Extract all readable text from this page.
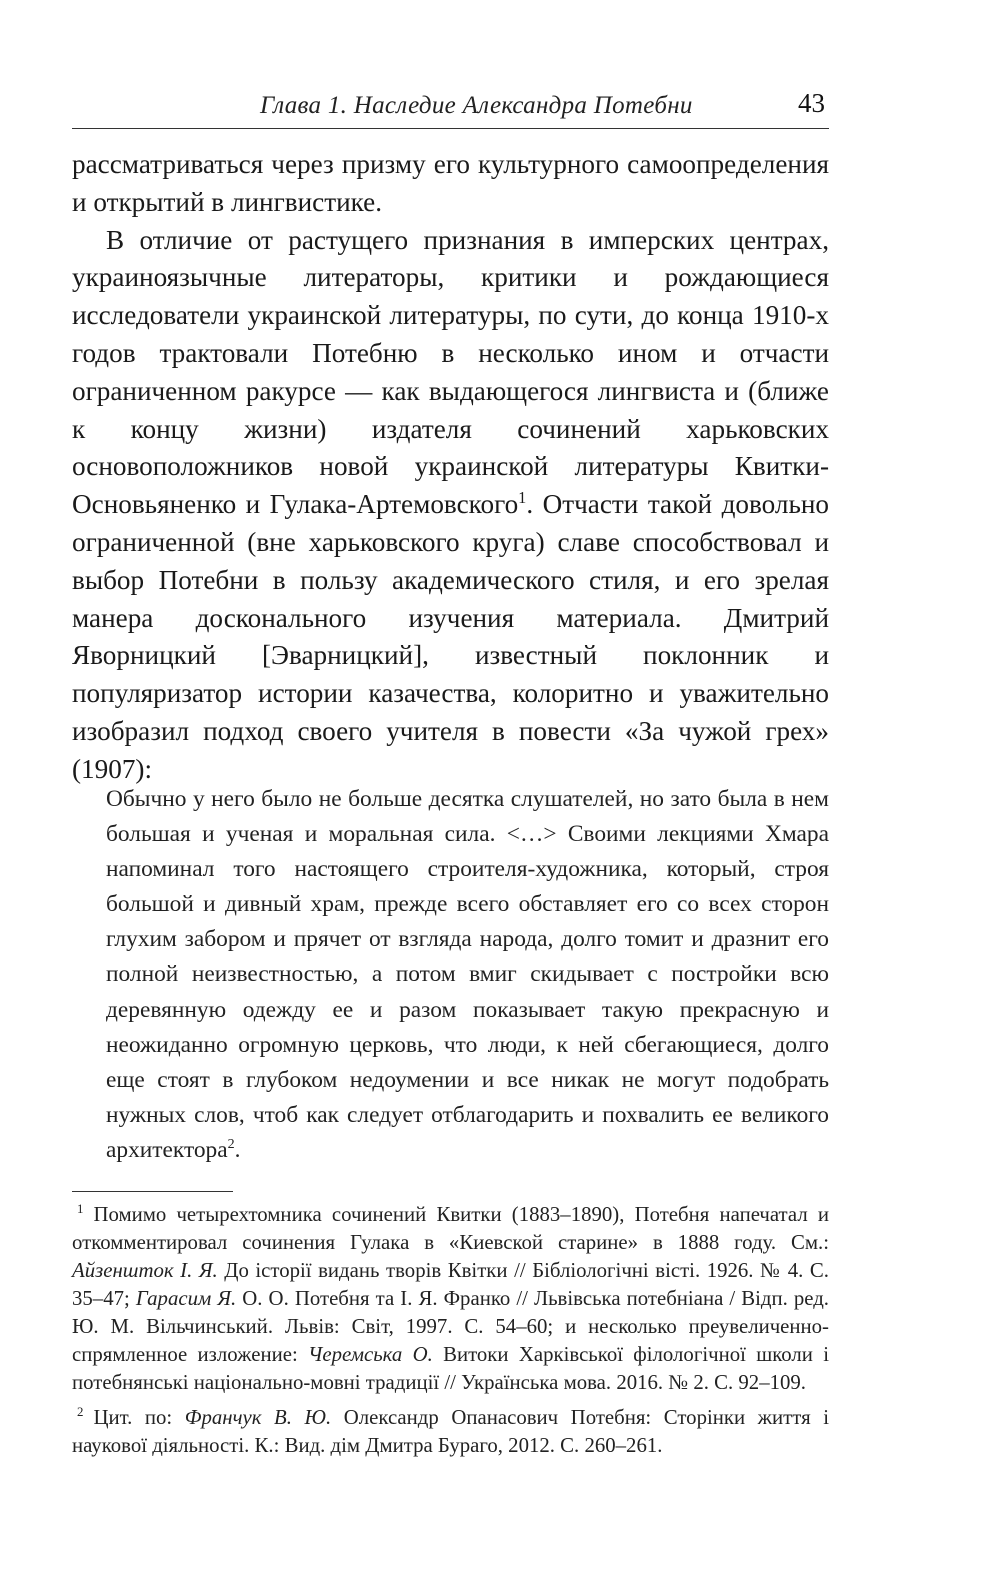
Глава 1. Наследие Александра Потебни	43

рассматриваться через призму его культурного самоопределения и открытий в лингвистике.

В отличие от растущего признания в имперских центрах, украиноязычные литераторы, критики и рождающиеся исследователи украинской литературы, по сути, до конца 1910-х годов трактовали Потебню в несколько ином и отчасти ограниченном ракурсе — как выдающегося лингвиста и (ближе к концу жизни) издателя сочинений харьковских основоположников новой украинской литературы Квитки-Основьяненко и Гулака-Артемовского$^1$. Отчасти такой довольно ограниченной (вне харьковского круга) славе способствовал и выбор Потебни в пользу академического стиля, и его зрелая манера досконального изучения материала. Дмитрий Яворницкий [Эварницкий], известный поклонник и популяризатор истории казачества, колоритно и уважительно изобразил подход своего учителя в повести «За чужой грех» (1907):

Обычно у него было не больше десятка слушателей, но зато была в нем большая и ученая и моральная сила. <…> Своими лекциями Хмара напоминал того настоящего строителя-художника, который, строя большой и дивный храм, прежде всего обставляет его со всех сторон глухим забором и прячет от взгляда народа, долго томит и дразнит его полной неизвестностью, а потом вмиг скидывает с постройки всю деревянную одежду ее и разом показывает такую прекрасную и неожиданно огромную церковь, что люди, к ней сбегающиеся, долго еще стоят в глубоком недоумении и все никак не могут подобрать нужных слов, чтоб как следует отблагодарить и похвалить ее великого архитектора$^2$.

$^1$ Помимо четырехтомника сочинений Квитки (1883–1890), Потебня напечатал и откомментировал сочинения Гулака в «Киевской старине» в 1888 году. См.: Айзеншток І. Я. До історії видань творів Квітки // Бібліологічні вісті. 1926. № 4. С. 35–47; Гарасим Я. О. О. Потебня та І. Я. Франко // Львівська потебніана / Відп. ред. Ю. М. Вільчинський. Львів: Світ, 1997. С. 54–60; и несколько преувеличенно-спрямленное изложение: Черемська О. Витоки Харківської філологічної школи і потебнянські національно-мовні традиції // Українська мова. 2016. № 2. С. 92–109.

$^2$ Цит. по: Франчук В. Ю. Олександр Опанасович Потебня: Сторінки життя і наукової діяльності. К.: Вид. дім Дмитра Бураго, 2012. С. 260–261.
